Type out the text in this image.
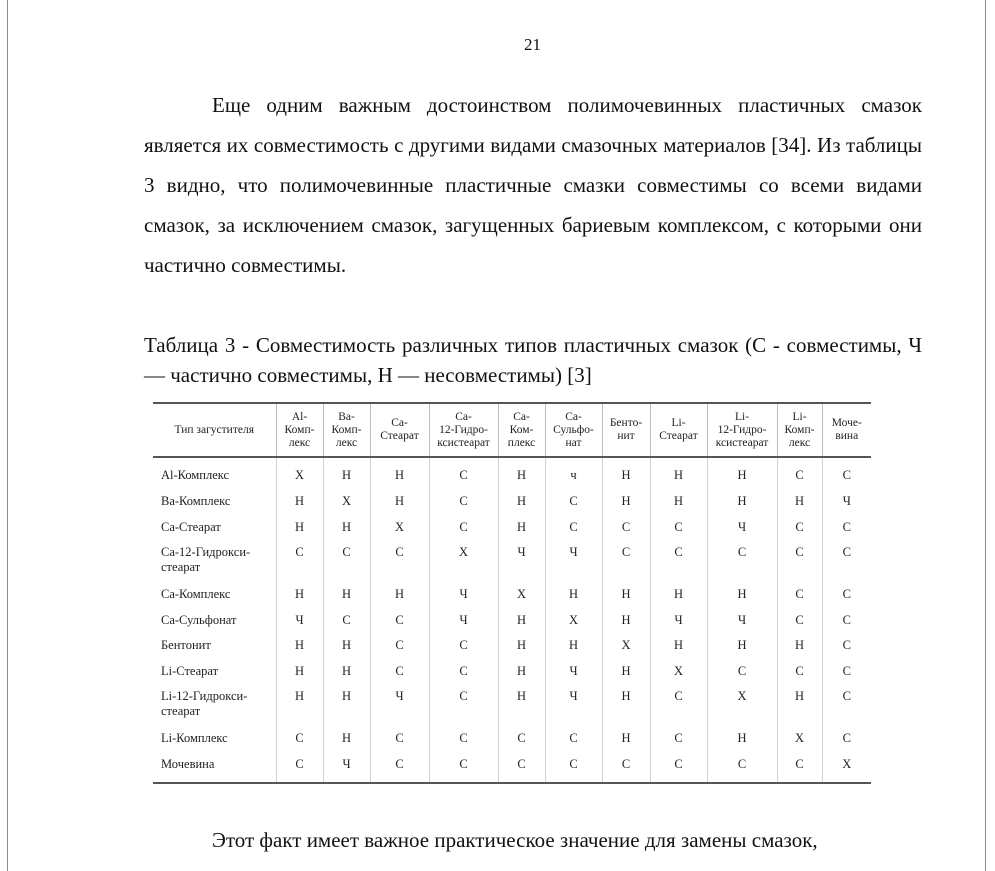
21

Еще одним важным достоинством полимочевинных пластичных смазок является их совместимость с другими видами смазочных материалов [34]. Из таблицы 3 видно, что полимочевинные пластичные смазки совместимы со всеми видами смазок, за исключением смазок, загущенных бариевым комплексом, с которыми они частично совместимы.

Таблица 3 - Совместимость различных типов пластичных смазок (С - совместимы, Ч — частично совместимы, Н — несовместимы) [3]

Тип загустителя	Al-
Комп-
лекс	Ва-
Комп-
лекс	Са-
Стеарат	Са-
12-Гидро-
ксистеарат	Са-
Ком-
плекс	Са-
Сульфо-
нат	Бенто-
нит	Li-
Стеарат	Li-
12-Гидро-
ксистеарат	Li-
Комп-
лекс	Моче-
вина
Al-Комплекс	Х	Н	Н	С	Н	ч	Н	Н	Н	С	С
Ва-Комплекс	Н	Х	Н	С	Н	С	Н	Н	Н	Н	Ч
Са-Стеарат	Н	Н	Х	С	Н	С	С	С	Ч	С	С
Са-12-Гидрокси-
стеарат	С	С	С	Х	Ч	Ч	С	С	С	С	С
Са-Комплекс	Н	Н	Н	Ч	Х	Н	Н	Н	Н	С	С
Са-Сульфонат	Ч	С	С	Ч	Н	Х	Н	Ч	Ч	С	С
Бентонит	Н	Н	С	С	Н	Н	Х	Н	Н	Н	С
Li-Стеарат	Н	Н	С	С	Н	Ч	Н	Х	С	С	С
Li-12-Гидрокси-
стеарат	Н	Н	Ч	С	Н	Ч	Н	С	Х	Н	С
Li-Комплекс	С	Н	С	С	С	С	Н	С	Н	Х	С
Мочевина	С	Ч	С	С	С	С	С	С	С	С	Х

Этот факт имеет важное практическое значение для замены смазок,
